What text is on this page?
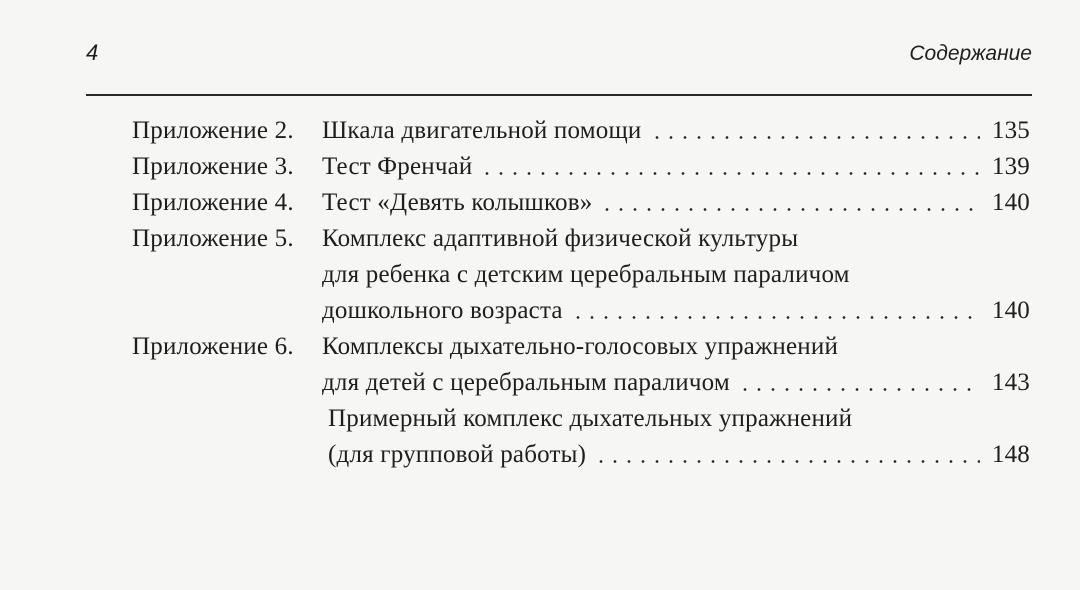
4	Содержание
Приложение 2.	Шкала двигательной помощи	135
Приложение 3.	Тест Френчай	139
Приложение 4.	Тест «Девять колышков»	140
Приложение 5.	Комплекс адаптивной физической культуры
для ребенка с детским церебральным параличом
дошкольного возраста	140
Приложение 6.	Комплексы дыхательно-голосовых упражнений
для детей с церебральным параличом	143
Примерный комплекс дыхательных упражнений
(для групповой работы)	148
